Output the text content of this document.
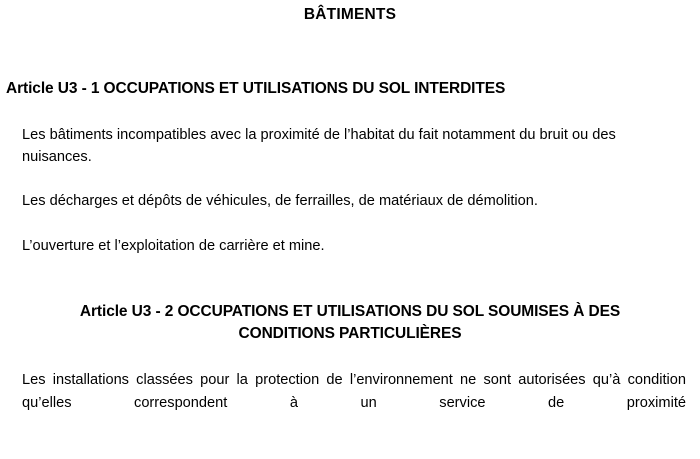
BÂTIMENTS
Article U3 - 1 OCCUPATIONS ET UTILISATIONS DU SOL INTERDITES

Les bâtiments incompatibles avec la proximité de l’habitat du fait notamment du bruit ou des nuisances.

Les décharges et dépôts de véhicules, de ferrailles, de matériaux de démolition.

L’ouverture et l’exploitation de carrière et mine.

Article U3 - 2 OCCUPATIONS ET UTILISATIONS DU SOL SOUMISES À DES
CONDITIONS PARTICULIÈRES

Les installations classées pour la protection de l’environnement ne sont autorisées qu’à condition qu’elles correspondent à un service de proximité
